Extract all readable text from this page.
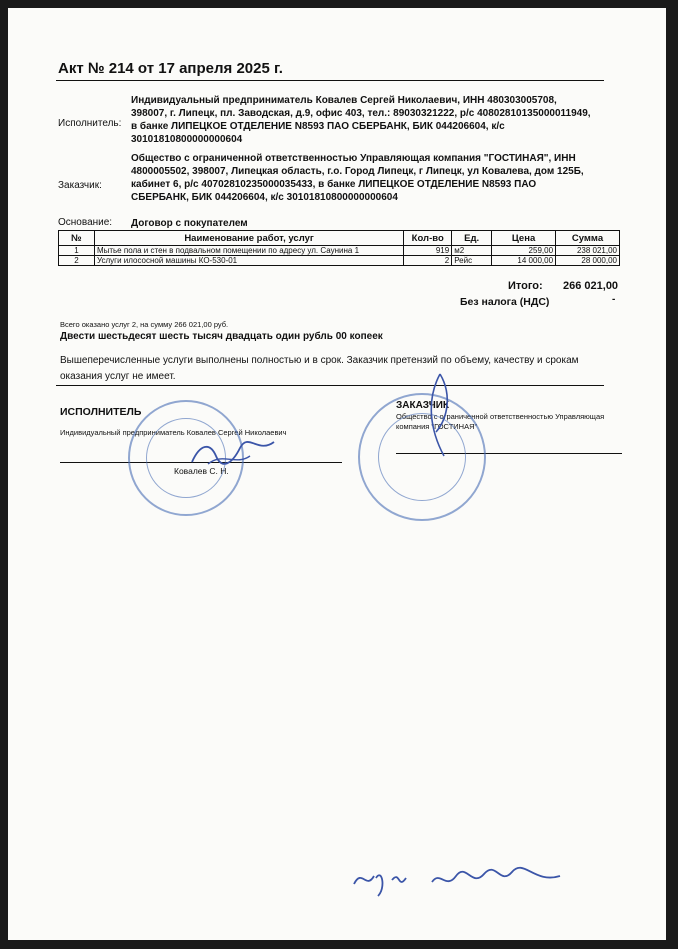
Акт № 214 от 17 апреля 2025 г.
Исполнитель:
Индивидуальный предприниматель Ковалев Сергей Николаевич, ИНН 480303005708, 398007, г. Липецк, пл. Заводская, д.9, офис 403, тел.: 89030321222, р/с 40802810135000011949, в банке ЛИПЕЦКОЕ ОТДЕЛЕНИЕ N8593 ПАО СБЕРБАНК, БИК 044206604, к/с 30101810800000000604
Заказчик:
Общество с ограниченной ответственностью Управляющая компания "ГОСТИНАЯ", ИНН 4800005502, 398007, Липецкая область, г.о. Город Липецк, г Липецк, ул Ковалева, дом 125Б, кабинет 6, р/с 40702810235000035433, в банке ЛИПЕЦКОЕ ОТДЕЛЕНИЕ N8593 ПАО СБЕРБАНК, БИК 044206604, к/с 30101810800000000604
Основание: Договор с покупателем
№	Наименование работ, услуг	Кол-во	Ед.	Цена	Сумма
1	Мытье пола и стен в подвальном помещении по адресу ул. Саунина 1	919	м2	259,00	238 021,00
2	Услуги илососной машины КО-530-01	2	Рейс	14 000,00	28 000,00
Итого: 266 021,00
Без налога (НДС)	-
Всего оказано услуг 2, на сумму 266 021,00 руб.
Двести шестьдесят шесть тысяч двадцать один рубль 00 копеек
Вышеперечисленные услуги выполнены полностью и в срок. Заказчик претензий по объему, качеству и срокам оказания услуг не имеет.
ИСПОЛНИТЕЛЬ
Индивидуальный предприниматель Ковалев Сергей Николаевич
Ковалев С. Н.
ЗАКАЗЧИК
Общество с ограниченной ответственностью Управляющая компания "ГОСТИНАЯ"
